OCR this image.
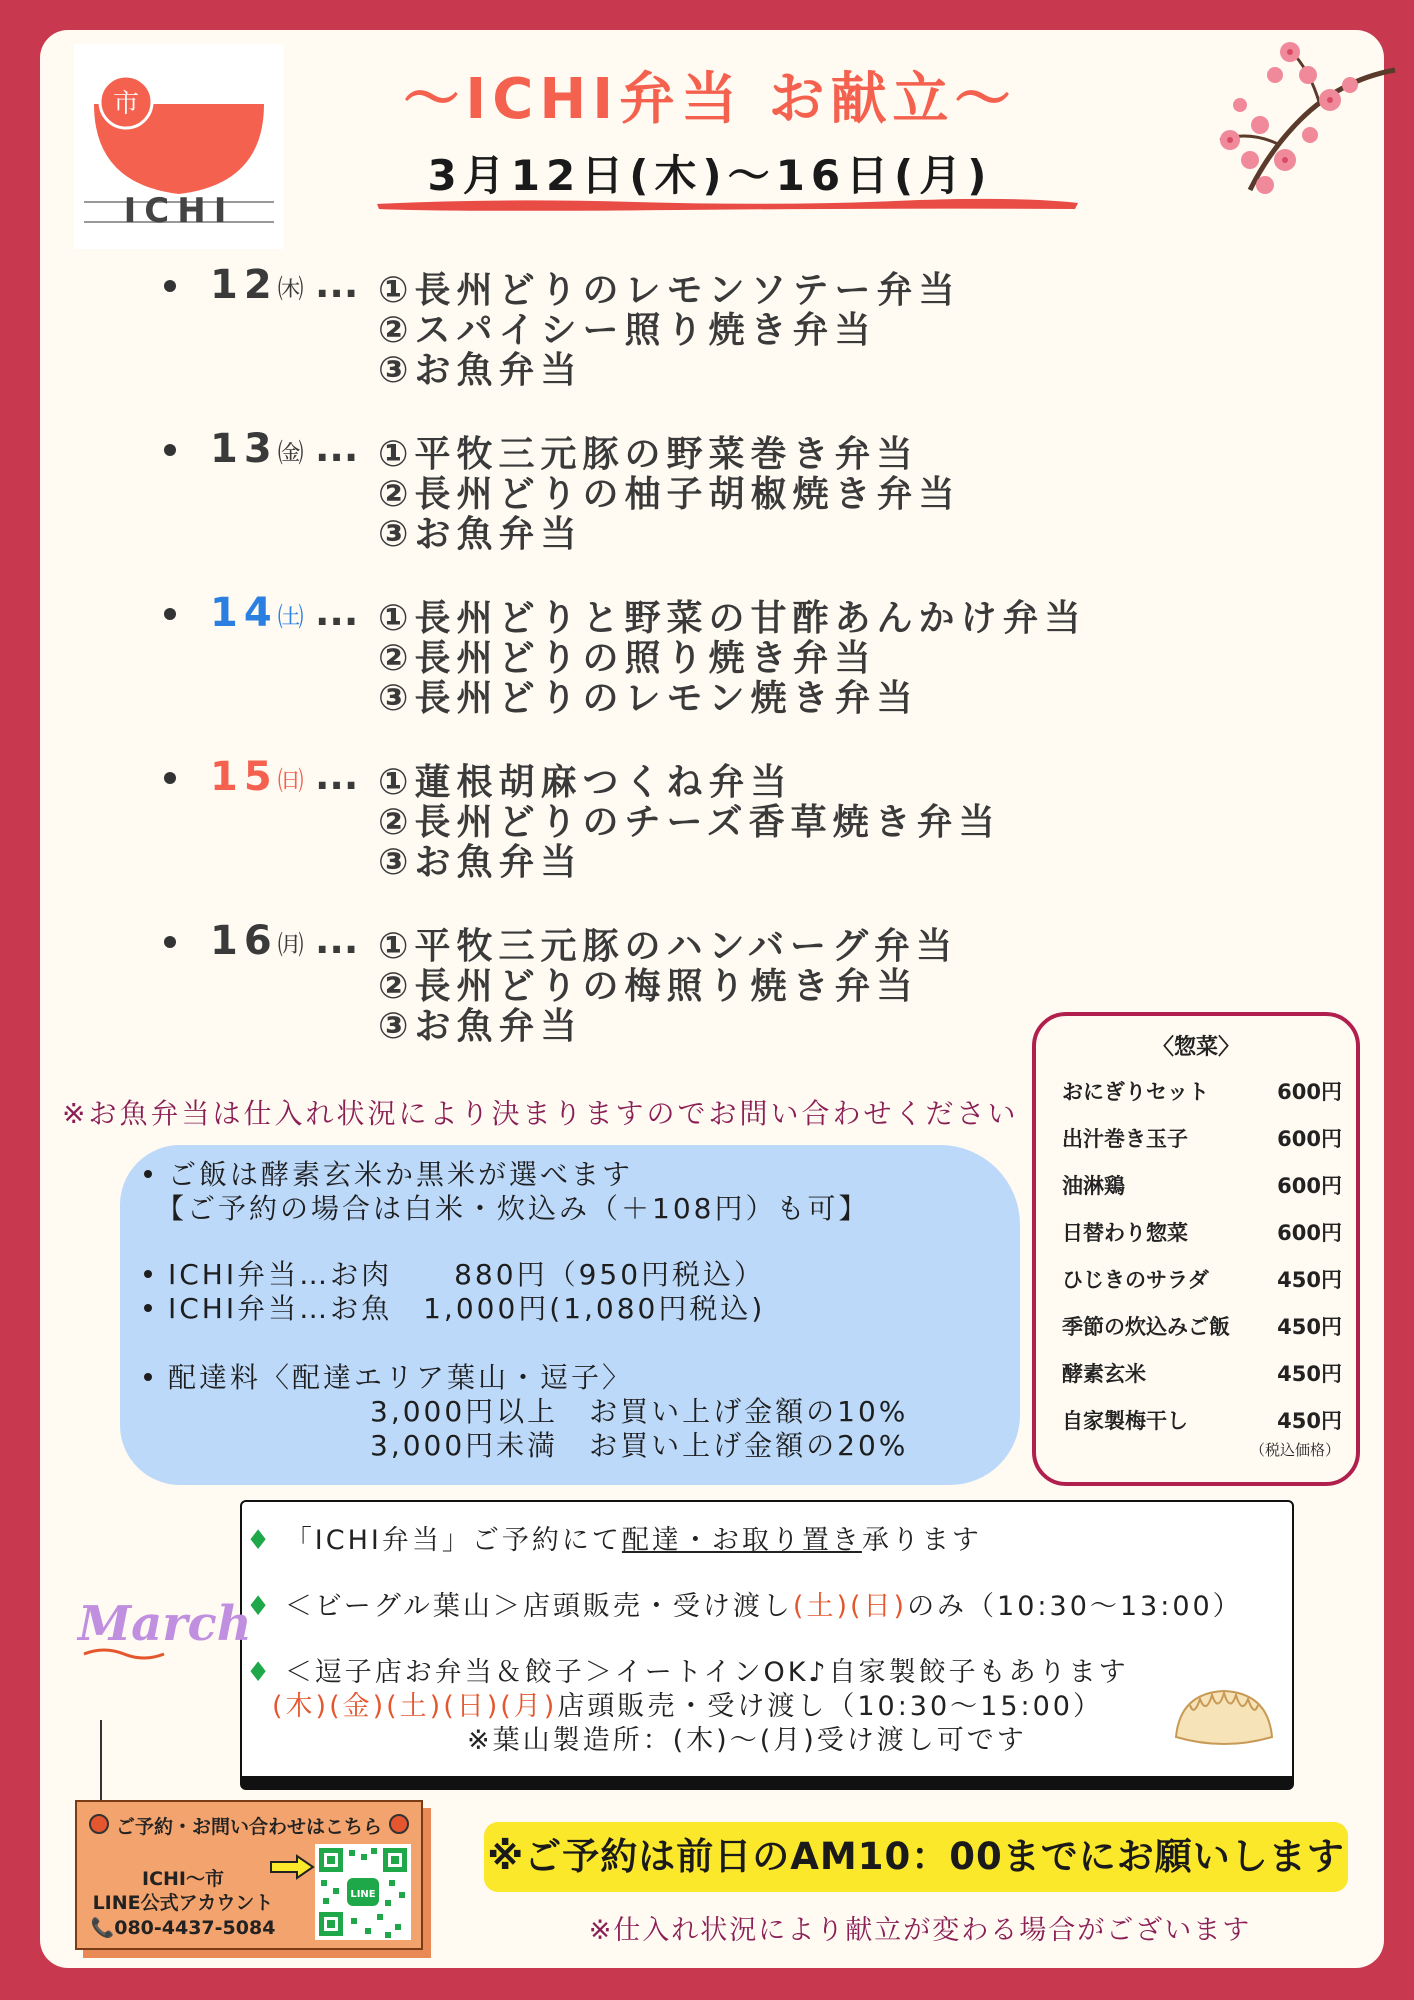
市
ICHI
～ICHI弁当 お献立～
3月12日(木)～16日(月)
12㈭ ... ①長州どりのレモンソテー弁当
②スパイシー照り焼き弁当
③お魚弁当
13㈮ ... ①平牧三元豚の野菜巻き弁当
②長州どりの柚子胡椒焼き弁当
③お魚弁当
14㈯ ... ①長州どりと野菜の甘酢あんかけ弁当
②長州どりの照り焼き弁当
③長州どりのレモン焼き弁当
15㈰ ... ①蓮根胡麻つくね弁当
②長州どりのチーズ香草焼き弁当
③お魚弁当
16㈪ ... ①平牧三元豚のハンバーグ弁当
②長州どりの梅照り焼き弁当
③お魚弁当
※お魚弁当は仕入れ状況により決まりますのでお問い合わせください
ご飯は酵素玄米か黒米が選べます
【ご予約の場合は白米・炊込み（＋108円）も可】
ICHI弁当…お肉　　880円（950円税込）
ICHI弁当…お魚　1,000円(1,080円税込)
配達料〈配達エリア葉山・逗子〉
3,000円以上　お買い上げ金額の10%
3,000円未満　お買い上げ金額の20%
〈惣菜〉
おにぎりセット	600円
出汁巻き玉子	600円
油淋鶏	600円
日替わり惣菜	600円
ひじきのサラダ	450円
季節の炊込みご飯 450円
酵素玄米	450円
自家製梅干し	450円
（税込価格）
♦ 「ICHI弁当」ご予約にて配達・お取り置き承ります
♦ ＜ビーグル葉山＞店頭販売・受け渡し(土)(日)のみ（10:30～13:00）
♦ ＜逗子店お弁当＆餃子＞イートインOK♪自家製餃子もあります
(木)(金)(土)(日)(月)店頭販売・受け渡し（10:30～15:00）
※葉山製造所：(木)～(月)受け渡し可です
March
ご予約・お問い合わせはこちら
ICHI～市
LINE公式アカウント
📞080-4437-5084
LINE
※ご予約は前日のAM10：00までにお願いします
※仕入れ状況により献立が変わる場合がございます
